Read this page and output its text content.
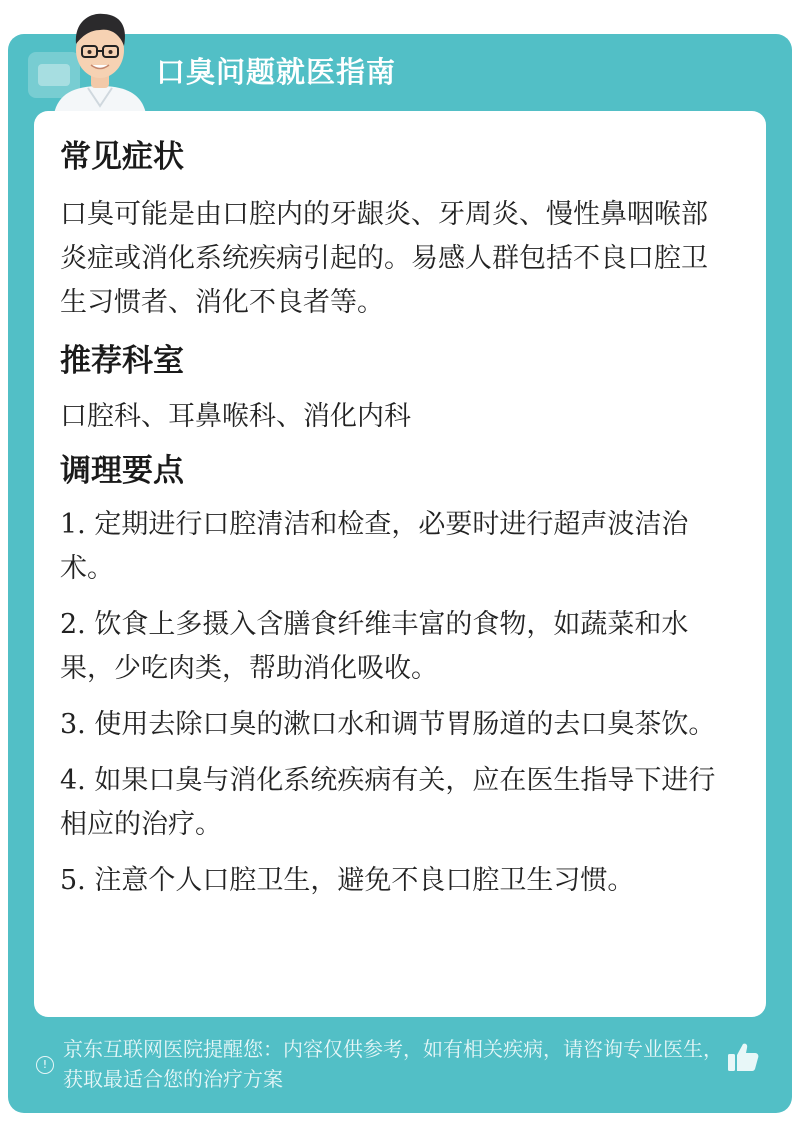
口臭问题就医指南
常见症状

口臭可能是由口腔内的牙龈炎、牙周炎、慢性鼻咽喉部炎症或消化系统疾病引起的。易感人群包括不良口腔卫生习惯者、消化不良者等。

推荐科室

口腔科、耳鼻喉科、消化内科

调理要点
1. 定期进行口腔清洁和检查，必要时进行超声波洁治术。
2. 饮食上多摄入含膳食纤维丰富的食物，如蔬菜和水果，少吃肉类，帮助消化吸收。
3. 使用去除口臭的漱口水和调节胃肠道的去口臭茶饮。
4. 如果口臭与消化系统疾病有关，应在医生指导下进行相应的治疗。
5. 注意个人口腔卫生，避免不良口腔卫生习惯。
!
京东互联网医院提醒您：内容仅供参考，如有相关疾病，请咨询专业医生，获取最适合您的治疗方案
